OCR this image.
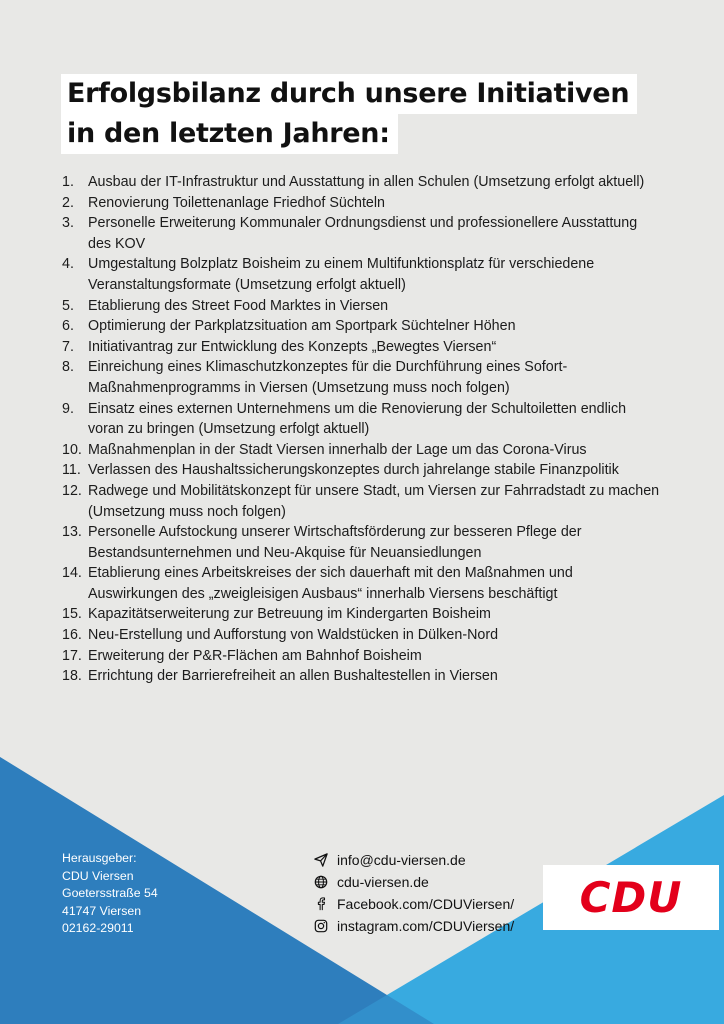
Erfolgsbilanz durch unsere Initiativen
in den letzten Jahren:
1. Ausbau der IT-Infrastruktur und Ausstattung in allen Schulen (Umsetzung erfolgt aktuell)
2. Renovierung Toilettenanlage Friedhof Süchteln
3. Personelle Erweiterung Kommunaler Ordnungsdienst und professionellere Ausstattung des KOV
4. Umgestaltung Bolzplatz Boisheim zu einem Multifunktionsplatz für verschiedene Veranstaltungsformate (Umsetzung erfolgt aktuell)
5. Etablierung des Street Food Marktes in Viersen
6. Optimierung der Parkplatzsituation am Sportpark Süchtelner Höhen
7. Initiativantrag zur Entwicklung des Konzepts „Bewegtes Viersen“
8. Einreichung eines Klimaschutzkonzeptes für die Durchführung eines Sofort-Maßnahmenprogramms in Viersen (Umsetzung muss noch folgen)
9. Einsatz eines externen Unternehmens um die Renovierung der Schultoiletten endlich voran zu bringen (Umsetzung erfolgt aktuell)
10. Maßnahmenplan in der Stadt Viersen innerhalb der Lage um das Corona-Virus
11. Verlassen des Haushaltssicherungskonzeptes durch jahrelange stabile Finanzpolitik
12. Radwege und Mobilitätskonzept für unsere Stadt, um Viersen zur Fahrradstadt zu machen (Umsetzung muss noch folgen)
13. Personelle Aufstockung unserer Wirtschaftsförderung zur besseren Pflege der Bestandsunternehmen und Neu-Akquise für Neuansiedlungen
14. Etablierung eines Arbeitskreises der sich dauerhaft mit den Maßnahmen und Auswirkungen des „zweigleisigen Ausbaus“ innerhalb Viersens beschäftigt
15. Kapazitätserweiterung zur Betreuung im Kindergarten Boisheim
16. Neu-Erstellung und Aufforstung von Waldstücken in Dülken-Nord
17. Erweiterung der P&R-Flächen am Bahnhof Boisheim
18. Errichtung der Barrierefreiheit an allen Bushaltestellen in Viersen
Herausgeber:
CDU Viersen
Goetersstraße 54
41747 Viersen
02162-29011
info@cdu-viersen.de
cdu-viersen.de
Facebook.com/CDUViersen/
instagram.com/CDUViersen/
CDU
